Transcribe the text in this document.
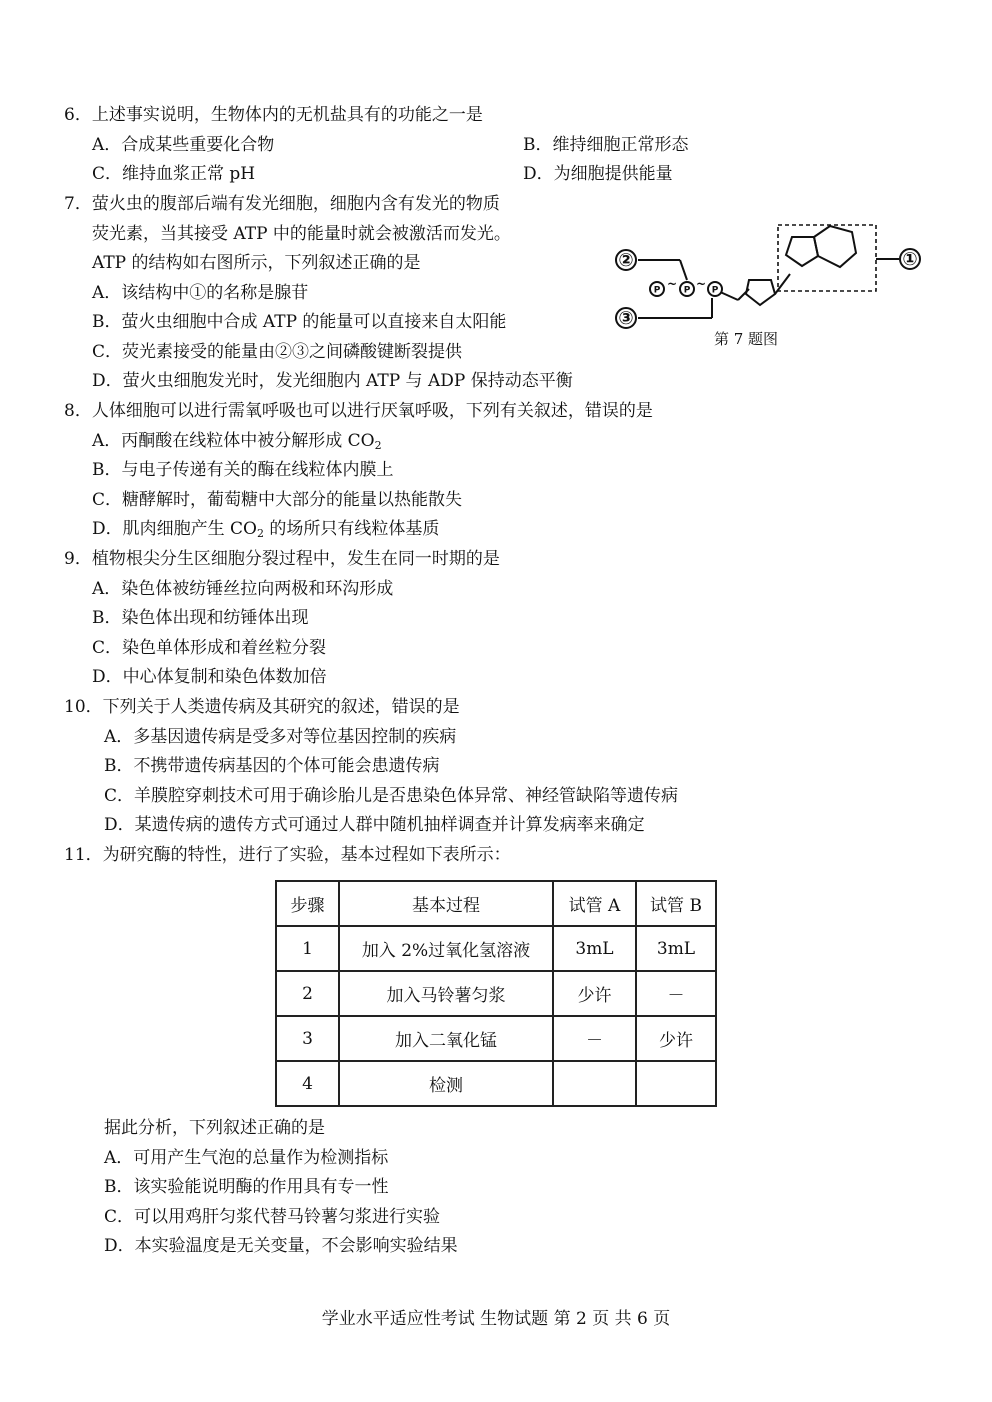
6．上述事实说明，生物体内的无机盐具有的功能之一是
A．合成某些重要化合物	B．维持细胞正常形态
C．维持血浆正常 pH	D．为细胞提供能量
7．萤火虫的腹部后端有发光细胞，细胞内含有发光的物质
荧光素，当其接受 ATP 中的能量时就会被激活而发光。
ATP 的结构如右图所示，下列叙述正确的是
A．该结构中①的名称是腺苷
B．萤火虫细胞中合成 ATP 的能量可以直接来自太阳能
C．荧光素接受的能量由②③之间磷酸键断裂提供
D．萤火虫细胞发光时，发光细胞内 ATP 与 ADP 保持动态平衡
P	P P
~ ~
②
③
①
第 7 题图
8．人体细胞可以进行需氧呼吸也可以进行厌氧呼吸，下列有关叙述，错误的是
A．丙酮酸在线粒体中被分解形成 $CO_2$
B．与电子传递有关的酶在线粒体内膜上
C．糖酵解时，葡萄糖中大部分的能量以热能散失
D．肌肉细胞产生 $CO_2$ 的场所只有线粒体基质
9．植物根尖分生区细胞分裂过程中，发生在同一时期的是
A．染色体被纺锤丝拉向两极和环沟形成
B．染色体出现和纺锤体出现
C．染色单体形成和着丝粒分裂
D．中心体复制和染色体数加倍
10．下列关于人类遗传病及其研究的叙述，错误的是
A．多基因遗传病是受多对等位基因控制的疾病
B．不携带遗传病基因的个体可能会患遗传病
C．羊膜腔穿刺技术可用于确诊胎儿是否患染色体异常、神经管缺陷等遗传病
D．某遗传病的遗传方式可通过人群中随机抽样调查并计算发病率来确定
11．为研究酶的特性，进行了实验，基本过程如下表所示：
步骤	基本过程	试管 A	试管 B
1	加入 2%过氧化氢溶液	3mL	3mL
2	加入马铃薯匀浆	少许	－
3	加入二氧化锰	－	少许
4	检测		
据此分析，下列叙述正确的是
A．可用产生气泡的总量作为检测指标
B．该实验能说明酶的作用具有专一性
C．可以用鸡肝匀浆代替马铃薯匀浆进行实验
D．本实验温度是无关变量，不会影响实验结果
学业水平适应性考试 生物试题 第 2 页 共 6 页
